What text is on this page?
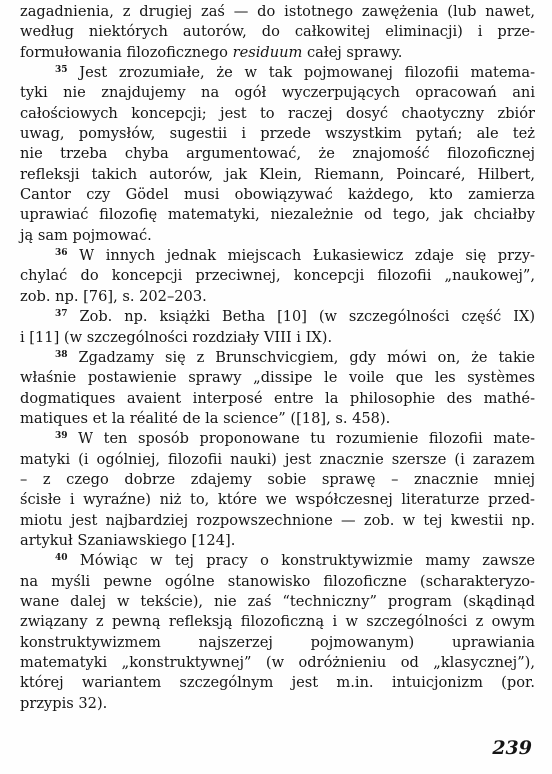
zagadnienia, z drugiej zaś — do istotnego zawężenia (lub nawet,
według niektórych autorów, do całkowitej eliminacji) i prze-
formułowania filozoficznego residuum całej sprawy.
$^{35}$ Jest zrozumiałe, że w tak pojmowanej filozofii matema-
tyki nie znajdujemy na ogół wyczerpujących opracowań ani
całościowych koncepcji; jest to raczej dosyć chaotyczny zbiór
uwag, pomysłów, sugestii i przede wszystkim pytań; ale też
nie trzeba chyba argumentować, że znajomość filozoficznej
refleksji takich autorów, jak Klein, Riemann, Poincaré, Hilbert,
Cantor czy Gödel musi obowiązywać każdego, kto zamierza
uprawiać filozofię matematyki, niezależnie od tego, jak chciałby
ją sam pojmować.
$^{36}$ W innych jednak miejscach Łukasiewicz zdaje się przy-
chylać do koncepcji przeciwnej, koncepcji filozofii „naukowej”,
zob. np. [76], s. 202–203.
$^{37}$ Zob. np. książki Betha [10] (w szczególności część IX)
i [11] (w szczególności rozdziały VIII i IX).
$^{38}$ Zgadzamy się z Brunschvicgiem, gdy mówi on, że takie
właśnie postawienie sprawy „dissipe le voile que les systèmes
dogmatiques avaient interposé entre la philosophie des mathé-
matiques et la réalité de la science” ([18], s. 458).
$^{39}$ W ten sposób proponowane tu rozumienie filozofii mate-
matyki (i ogólniej, filozofii nauki) jest znacznie szersze (i zarazem
– z czego dobrze zdajemy sobie sprawę – znacznie mniej
ścisłe i wyraźne) niż to, które we współczesnej literaturze przed-
miotu jest najbardziej rozpowszechnione — zob. w tej kwestii np.
artykuł Szaniawskiego [124].
$^{40}$ Mówiąc w tej pracy o konstruktywizmie mamy zawsze
na myśli pewne ogólne stanowisko filozoficzne (scharakteryzo-
wane dalej w tekście), nie zaś “techniczny” program (skądinąd
związany z pewną refleksją filozoficzną i w szczególności z owym
konstruktywizmem najszerzej pojmowanym) uprawiania
matematyki „konstruktywnej” (w odróżnieniu od „klasycznej”),
której wariantem szczególnym jest m.in. intuicjonizm (por.
przypis 32).
239
